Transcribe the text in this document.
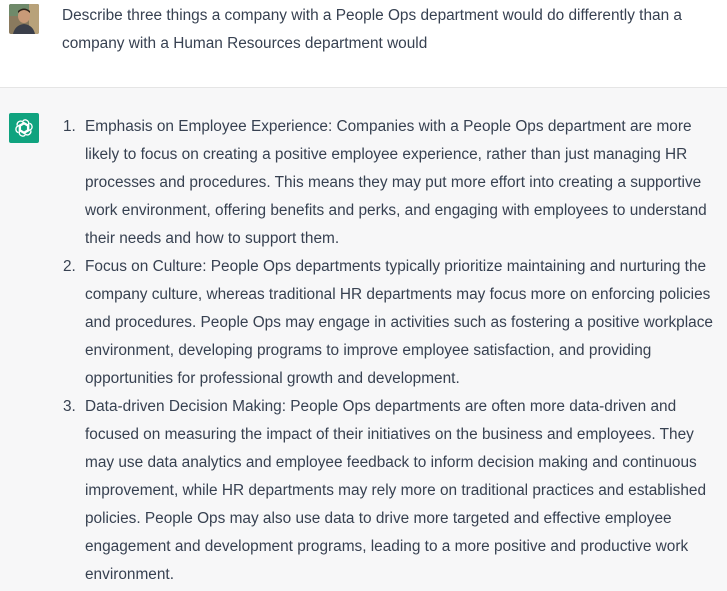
Describe three things a company with a People Ops department would do differently than a company with a Human Resources department would
1. Emphasis on Employee Experience: Companies with a People Ops department are more likely to focus on creating a positive employee experience, rather than just managing HR processes and procedures. This means they may put more effort into creating a supportive work environment, offering benefits and perks, and engaging with employees to understand their needs and how to support them.
2. Focus on Culture: People Ops departments typically prioritize maintaining and nurturing the company culture, whereas traditional HR departments may focus more on enforcing policies and procedures. People Ops may engage in activities such as fostering a positive workplace environment, developing programs to improve employee satisfaction, and providing opportunities for professional growth and development.
3. Data-driven Decision Making: People Ops departments are often more data-driven and focused on measuring the impact of their initiatives on the business and employees. They may use data analytics and employee feedback to inform decision making and continuous improvement, while HR departments may rely more on traditional practices and established policies. People Ops may also use data to drive more targeted and effective employee engagement and development programs, leading to a more positive and productive work environment.
